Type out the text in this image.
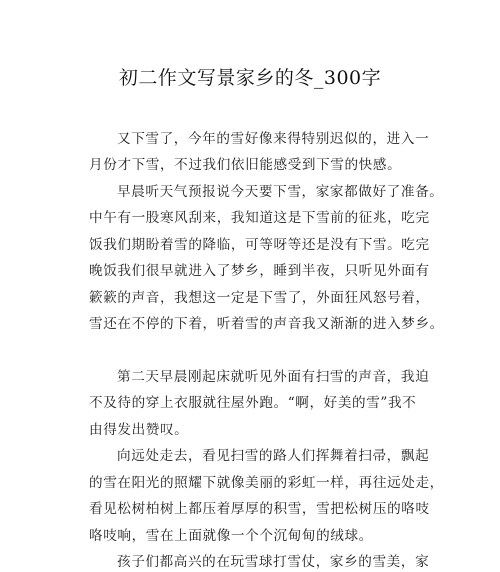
初二作文写景家乡的冬_300字
又下雪了，今年的雪好像来得特别迟似的，进入一
月份才下雪，不过我们依旧能感受到下雪的快感。
早晨听天气预报说今天要下雪，家家都做好了准备。
中午有一股寒风刮来，我知道这是下雪前的征兆，吃完
饭我们期盼着雪的降临，可等呀等还是没有下雪。吃完
晚饭我们很早就进入了梦乡，睡到半夜，只听见外面有
簌簌的声音，我想这一定是下雪了，外面狂风怒号着，
雪还在不停的下着，听着雪的声音我又渐渐的进入梦乡。
第二天早晨刚起床就听见外面有扫雪的声音，我迫
不及待的穿上衣服就往屋外跑。“啊，好美的雪”我不
由得发出赞叹。
向远处走去，看见扫雪的路人们挥舞着扫帚，飘起
的雪在阳光的照耀下就像美丽的彩虹一样，再往远处走，
看见松树柏树上都压着厚厚的积雪，雪把松树压的咯吱
咯吱响，雪在上面就像一个个沉甸甸的绒球。
孩子们都高兴的在玩雪球打雪仗，家乡的雪美，家
